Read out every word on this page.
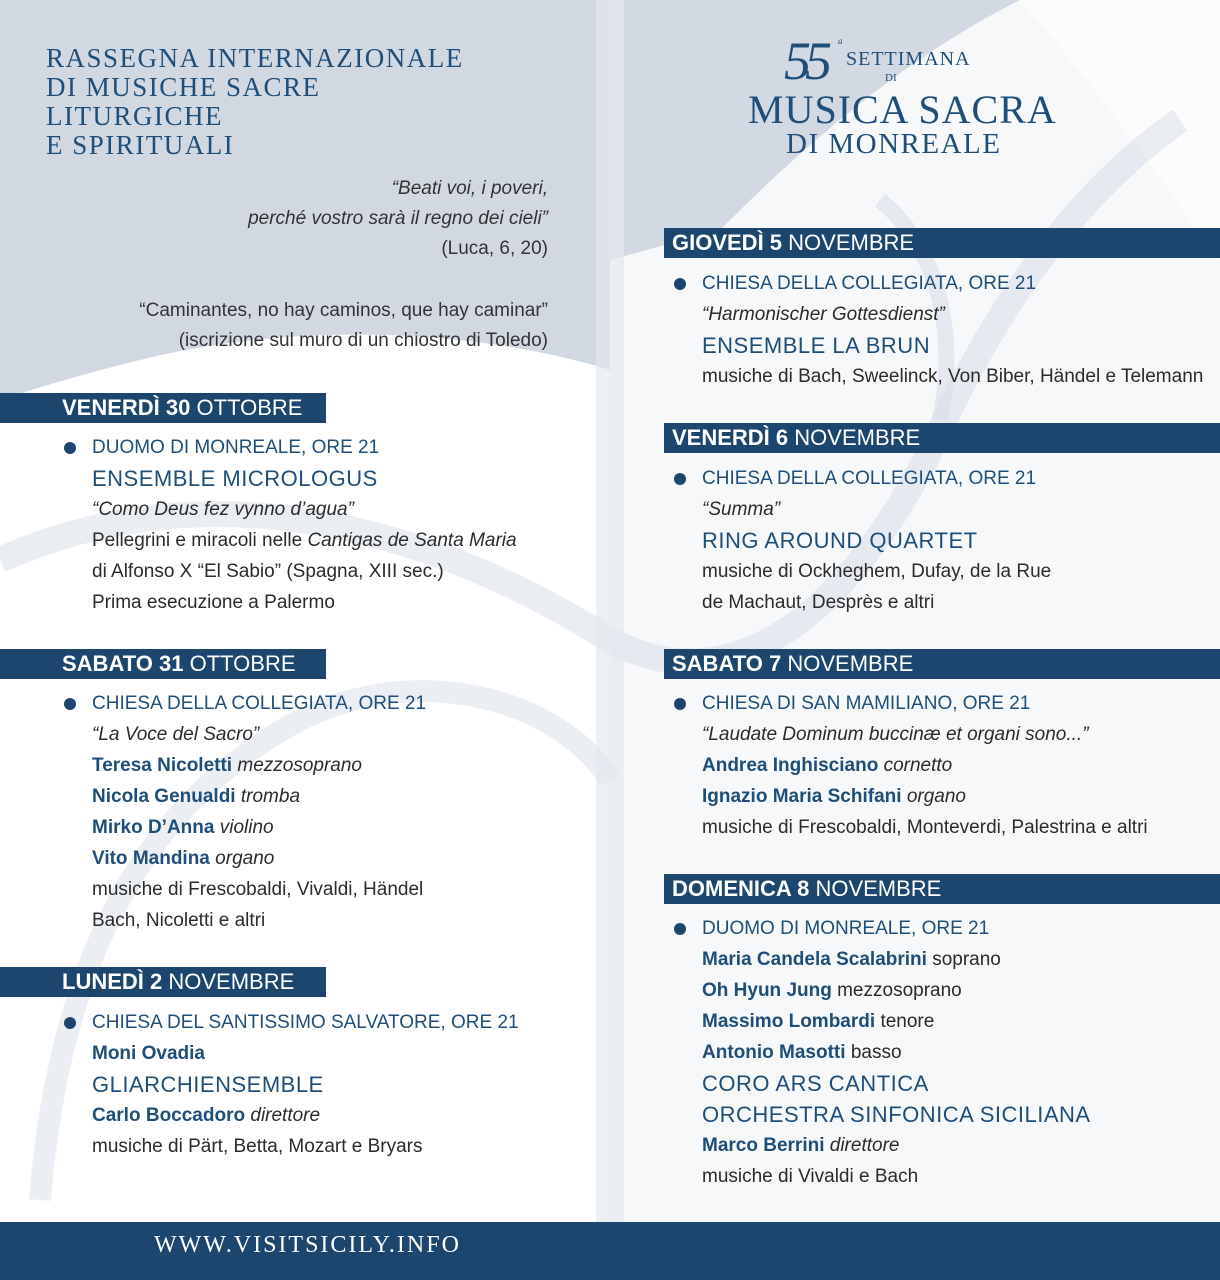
RASSEGNA INTERNAZIONALE
DI MUSICHE SACRE
LITURGICHE
E SPIRITUALI
“Beati voi, i poveri,
perché vostro sarà il regno dei cieli”
(Luca, 6, 20)
“Caminantes, no hay caminos, que hay caminar”
(iscrizione sul muro di un chiostro di Toledo)
55 a
SETTIMANA
DI
MUSICA SACRA
DI MONREALE
VENERDÌ 30 OTTOBRE
DUOMO DI MONREALE, ORE 21
ENSEMBLE MICROLOGUS
“Como Deus fez vynno d’agua”
Pellegrini e miracoli nelle Cantigas de Santa Maria
di Alfonso X “El Sabio” (Spagna, XIII sec.)
Prima esecuzione a Palermo
SABATO 31 OTTOBRE
CHIESA DELLA COLLEGIATA, ORE 21
“La Voce del Sacro”
Teresa Nicoletti mezzosoprano
Nicola Genualdi tromba
Mirko D’Anna violino
Vito Mandina organo
musiche di Frescobaldi, Vivaldi, Händel
Bach, Nicoletti e altri
LUNEDÌ 2 NOVEMBRE
CHIESA DEL SANTISSIMO SALVATORE, ORE 21
Moni Ovadia
GLIARCHIENSEMBLE
Carlo Boccadoro direttore
musiche di Pärt, Betta, Mozart e Bryars
GIOVEDÌ 5 NOVEMBRE
CHIESA DELLA COLLEGIATA, ORE 21
“Harmonischer Gottesdienst”
ENSEMBLE LA BRUN
musiche di Bach, Sweelinck, Von Biber, Händel e Telemann
VENERDÌ 6 NOVEMBRE
CHIESA DELLA COLLEGIATA, ORE 21
“Summa”
RING AROUND QUARTET
musiche di Ockheghem, Dufay, de la Rue
de Machaut, Desprès e altri
SABATO 7 NOVEMBRE
CHIESA DI SAN MAMILIANO, ORE 21
“Laudate Dominum buccinæ et organi sono...”
Andrea Inghisciano cornetto
Ignazio Maria Schifani organo
musiche di Frescobaldi, Monteverdi, Palestrina e altri
DOMENICA 8 NOVEMBRE
DUOMO DI MONREALE, ORE 21
Maria Candela Scalabrini soprano
Oh Hyun Jung mezzosoprano
Massimo Lombardi tenore
Antonio Masotti basso
CORO ARS CANTICA
ORCHESTRA SINFONICA SICILIANA
Marco Berrini direttore
musiche di Vivaldi e Bach
WWW.VISITSICILY.INFO
